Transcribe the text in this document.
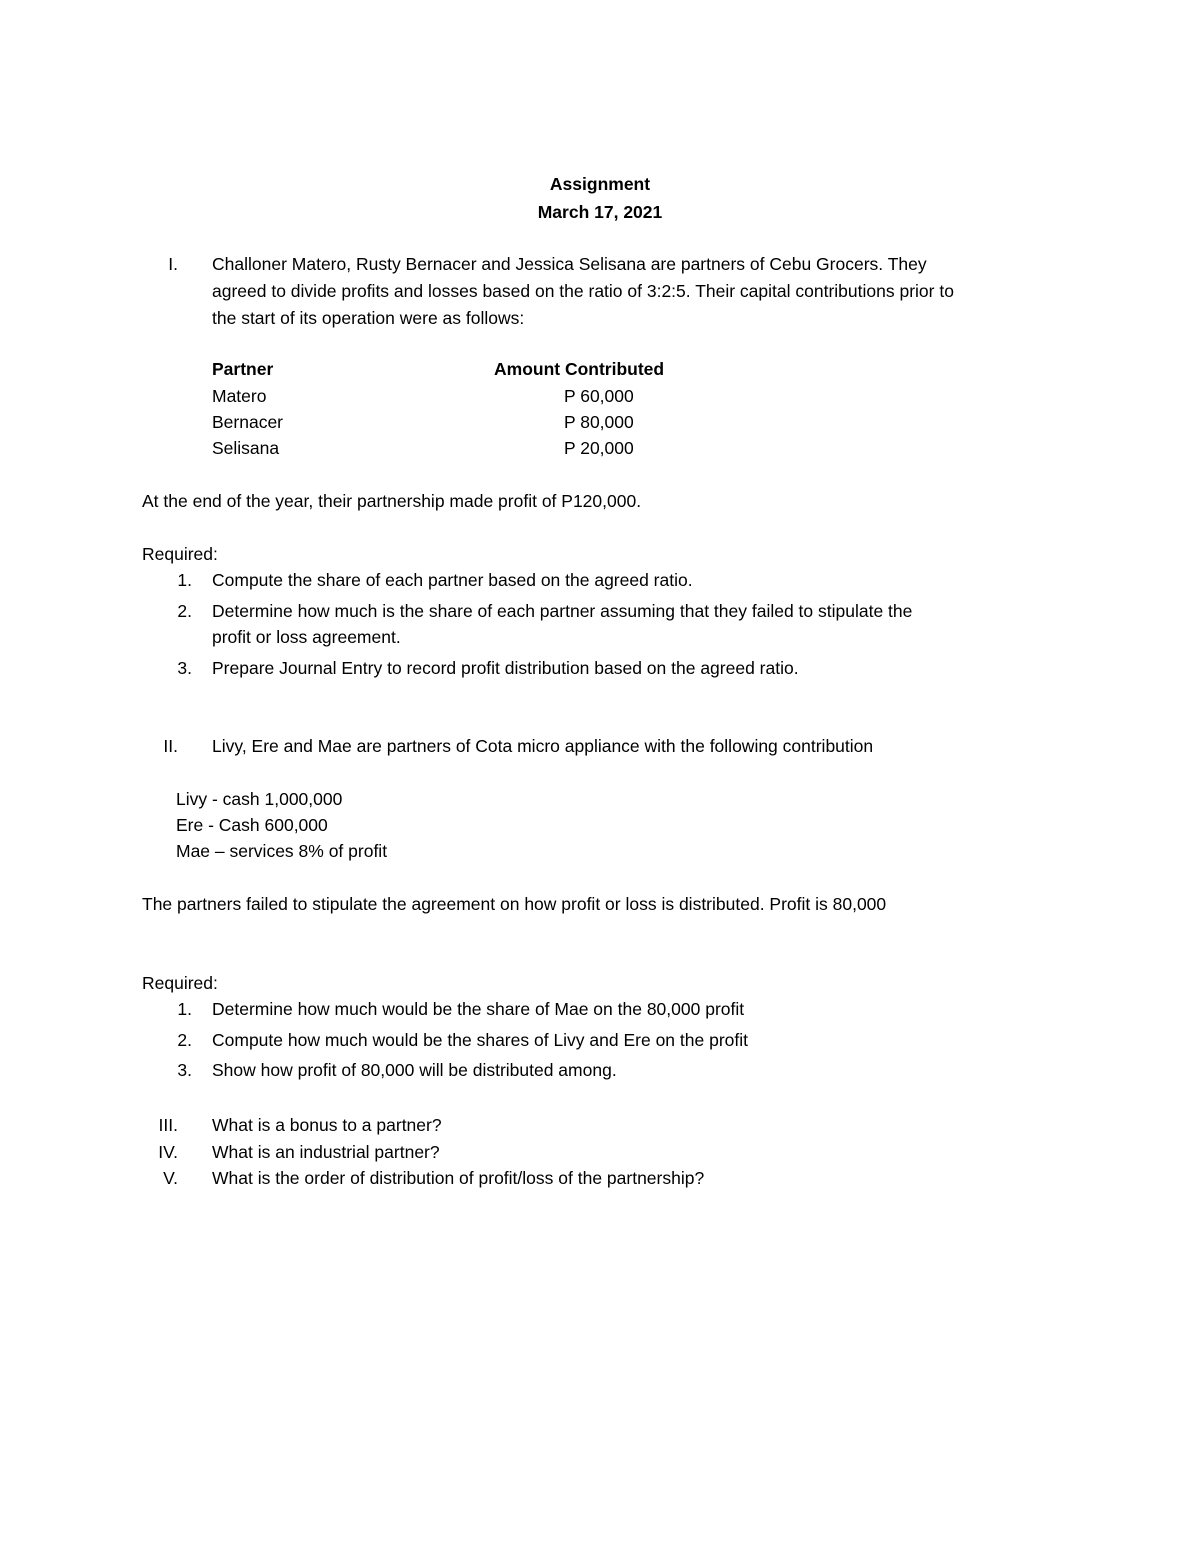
Assignment
March 17, 2021
I. Challoner Matero, Rusty Bernacer and Jessica Selisana are partners of Cebu Grocers. They
agreed to divide profits and losses based on the ratio of 3:2:5. Their capital contributions prior to
the start of its operation were as follows:
Partner	Amount Contributed
Matero	P 60,000
Bernacer	P 80,000
Selisana	P 20,000
At the end of the year, their partnership made profit of P120,000.
Required:
1. Compute the share of each partner based on the agreed ratio.
2. Determine how much is the share of each partner assuming that they failed to stipulate the
profit or loss agreement.
3. Prepare Journal Entry to record profit distribution based on the agreed ratio.
II. Livy, Ere and Mae are partners of Cota micro appliance with the following contribution
Livy - cash 1,000,000
Ere - Cash 600,000
Mae – services 8% of profit
The partners failed to stipulate the agreement on how profit or loss is distributed. Profit is 80,000
Required:
1. Determine how much would be the share of Mae on the 80,000 profit
2. Compute how much would be the shares of Livy and Ere on the profit
3. Show how profit of 80,000 will be distributed among.
III. What is a bonus to a partner?
IV. What is an industrial partner?
V. What is the order of distribution of profit/loss of the partnership?
